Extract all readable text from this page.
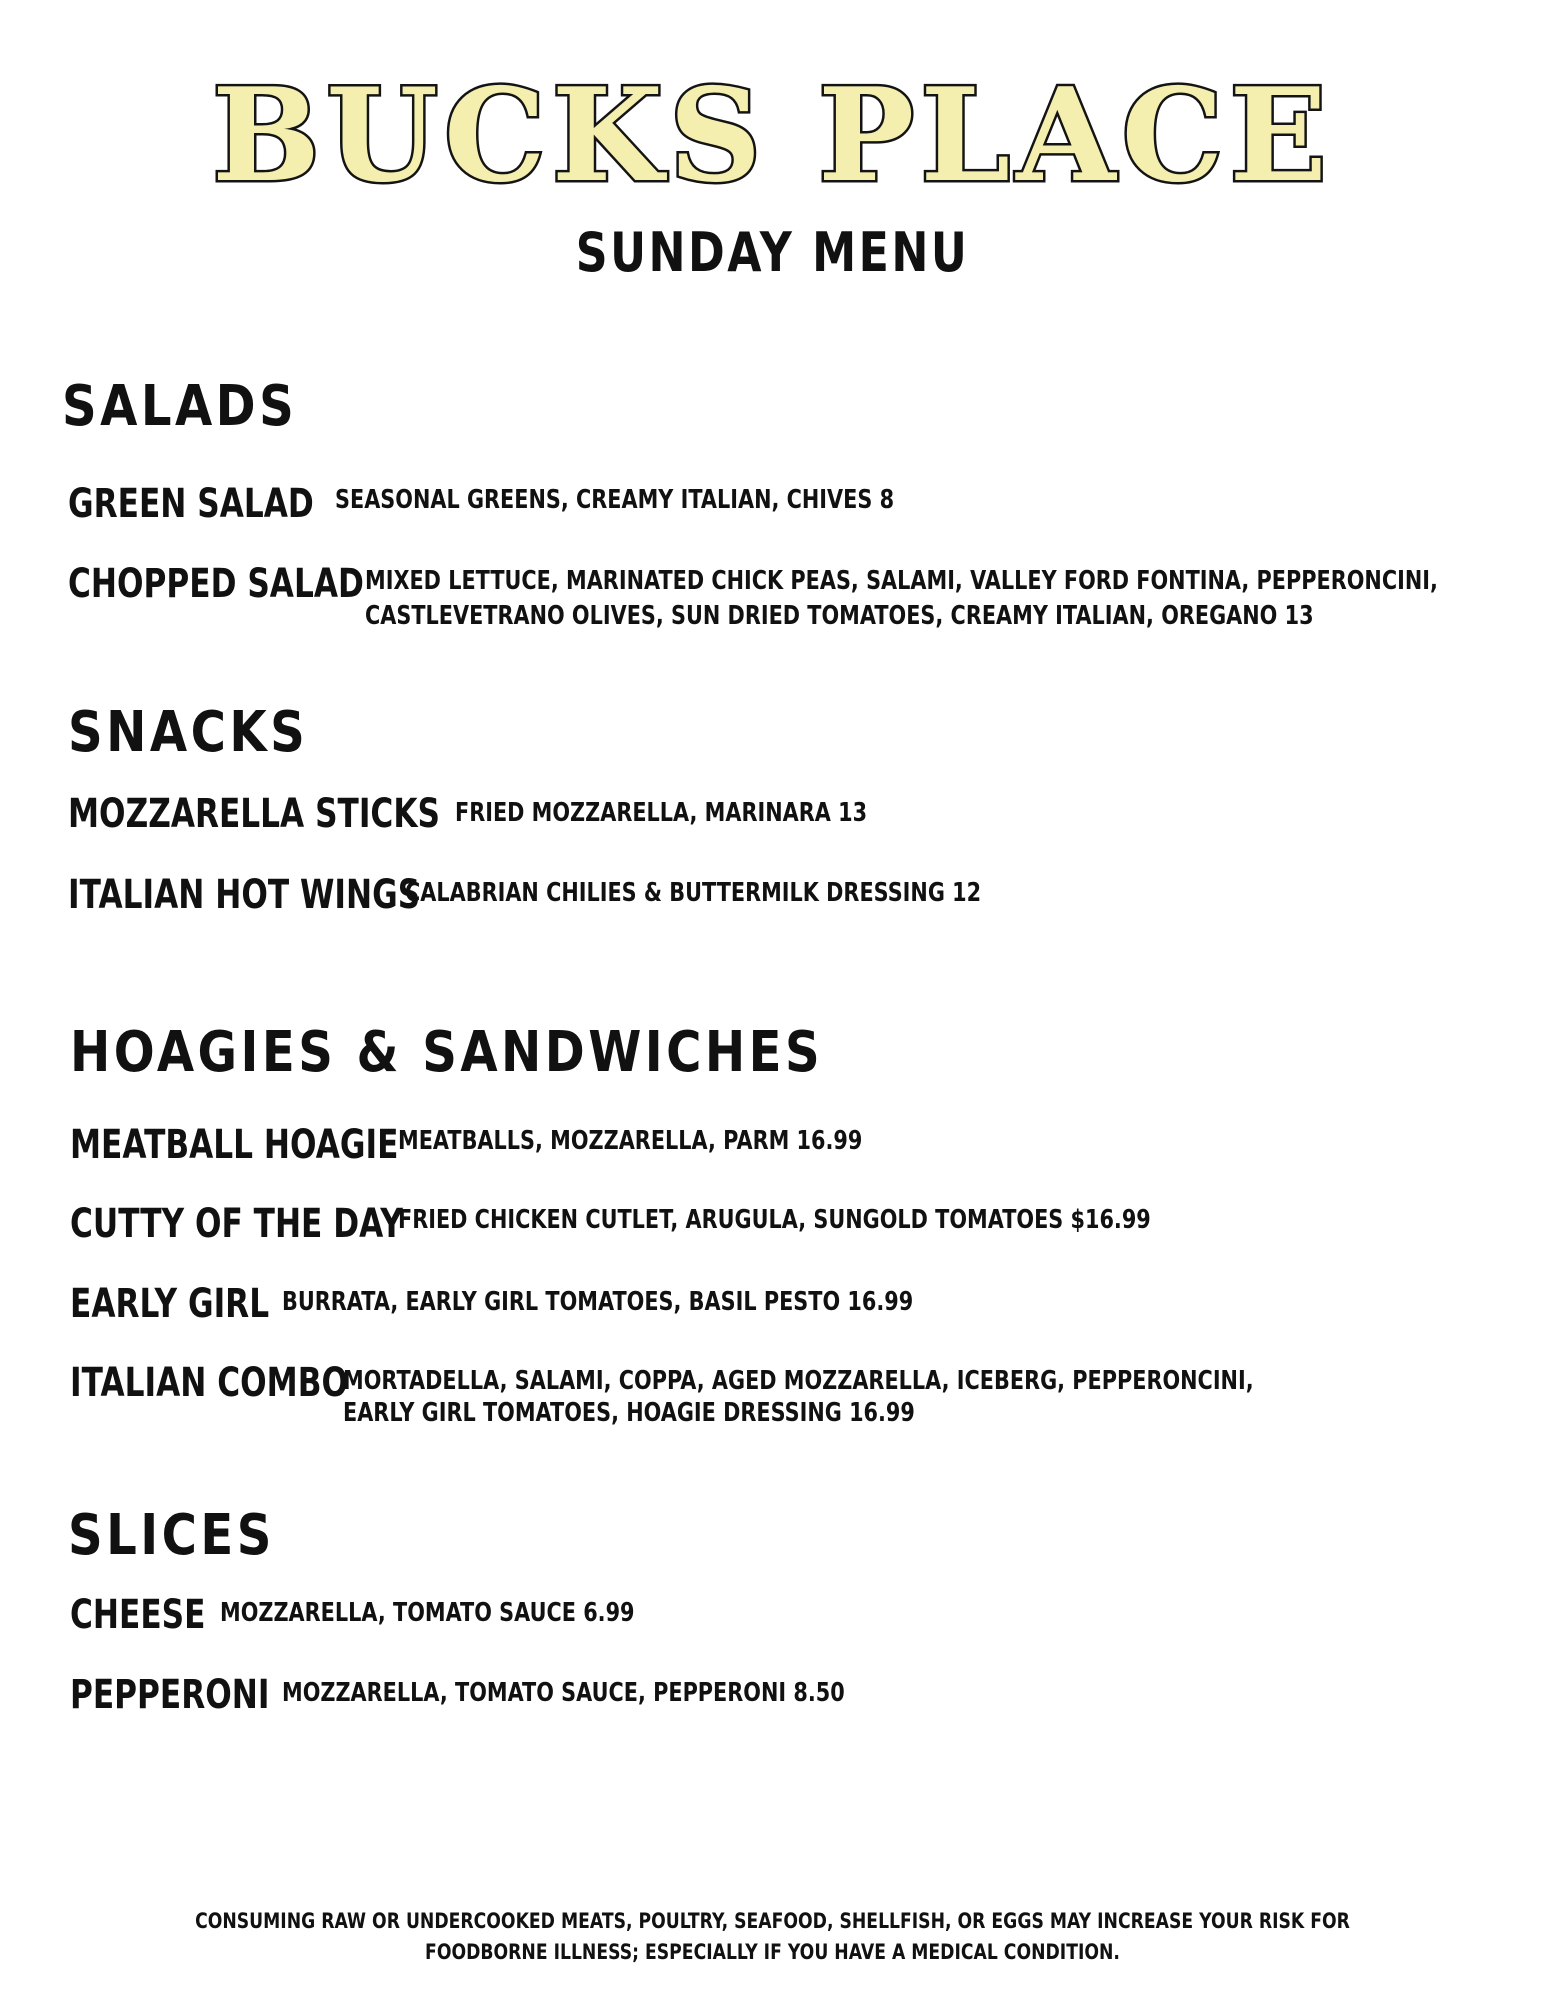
BUCKS PLACE
SUNDAY MENU
SALADS
GREEN SALAD SEASONAL GREENS, CREAMY ITALIAN, CHIVES 8
CHOPPED SALAD MIXED LETTUCE, MARINATED CHICK PEAS, SALAMI, VALLEY FORD FONTINA, PEPPERONCINI,
CASTLEVETRANO OLIVES, SUN DRIED TOMATOES, CREAMY ITALIAN, OREGANO 13
SNACKS
MOZZARELLA STICKS FRIED MOZZARELLA, MARINARA 13
ITALIAN HOT WINGS
CALABRIAN CHILIES & BUTTERMILK DRESSING 12
HOAGIES & SANDWICHES
MEATBALL HOAGIE MEATBALLS, MOZZARELLA, PARM 16.99
CUTTY OF THE DAY
FRIED CHICKEN CUTLET, ARUGULA, SUNGOLD TOMATOES $16.99
EARLY GIRL BURRATA, EARLY GIRL TOMATOES, BASIL PESTO 16.99
ITALIAN COMBO
MORTADELLA, SALAMI, COPPA, AGED MOZZARELLA, ICEBERG, PEPPERONCINI,
EARLY GIRL TOMATOES, HOAGIE DRESSING 16.99
SLICES
CHEESE MOZZARELLA, TOMATO SAUCE 6.99
PEPPERONI MOZZARELLA, TOMATO SAUCE, PEPPERONI 8.50
CONSUMING RAW OR UNDERCOOKED MEATS, POULTRY, SEAFOOD, SHELLFISH, OR EGGS MAY INCREASE YOUR RISK FOR
FOODBORNE ILLNESS; ESPECIALLY IF YOU HAVE A MEDICAL CONDITION.
